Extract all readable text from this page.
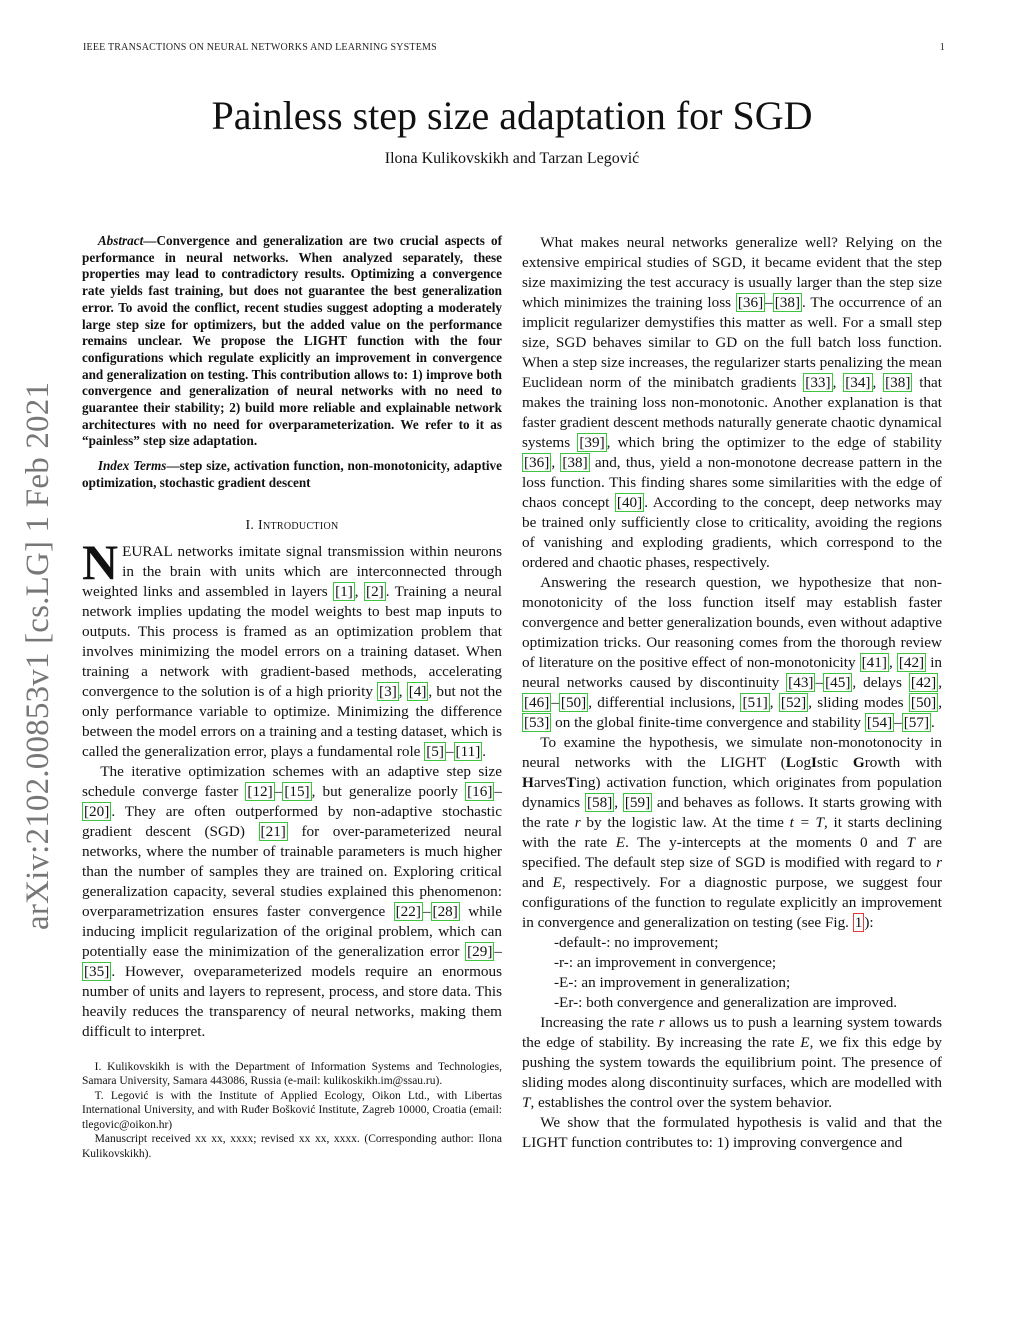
IEEE TRANSACTIONS ON NEURAL NETWORKS AND LEARNING SYSTEMS	1
Painless step size adaptation for SGD
Ilona Kulikovskikh and Tarzan Legović
arXiv:2102.00853v1 [cs.LG] 1 Feb 2021

Abstract—Convergence and generalization are two crucial aspects of performance in neural networks. When analyzed separately, these properties may lead to contradictory results. Optimizing a convergence rate yields fast training, but does not guarantee the best generalization error. To avoid the conflict, recent studies suggest adopting a moderately large step size for optimizers, but the added value on the performance remains unclear. We propose the LIGHT function with the four configurations which regulate explicitly an improvement in convergence and generalization on testing. This contribution allows to: 1) improve both convergence and generalization of neural networks with no need to guarantee their stability; 2) build more reliable and explainable network architectures with no need for overparameterization. We refer to it as “painless” step size adaptation.

Index Terms—step size, activation function, non-monotonicity, adaptive optimization, stochastic gradient descent

I. Introduction

NEURAL networks imitate signal transmission within neurons in the brain with units which are interconnected through weighted links and assembled in layers [1] , [2] . Training a neural network implies updating the model weights to best map inputs to outputs. This process is framed as an optimization problem that involves minimizing the model errors on a training dataset. When training a network with gradient-based methods, accelerating convergence to the solution is of a high priority [3] , [4] , but not the only performance variable to optimize. Minimizing the difference between the model errors on a training and a testing dataset, which is called the generalization error, plays a fundamental role [5] – [11] .

The iterative optimization schemes with an adaptive step size schedule converge faster [12] – [15] , but generalize poorly [16] –[20] . They are often outperformed by non-adaptive stochastic gradient descent (SGD) [21] for over-parameterized neural networks, where the number of trainable parameters is much higher than the number of samples they are trained on. Exploring critical generalization capacity, several studies explained this phenomenon: overparametrization ensures faster convergence [22] – [28] while inducing implicit regularization of the original problem, which can potentially ease the minimization of the generalization error [29] –[35] . However, oveparameterized models require an enormous number of units and layers to represent, process, and store data. This heavily reduces the transparency of neural networks, making them difficult to interpret.

I. Kulikovskikh is with the Department of Information Systems and Technologies, Samara University, Samara 443086, Russia (e-mail: kulikoskikh.im@ssau.ru).

T. Legović is with the Institute of Applied Ecology, Oikon Ltd., with Libertas International University, and with Ruđer Bošković Institute, Zagreb 10000, Croatia (email: tlegovic@oikon.hr)

Manuscript received xx xx, xxxx; revised xx xx, xxxx. (Corresponding author: Ilona Kulikovskikh).

What makes neural networks generalize well? Relying on the extensive empirical studies of SGD, it became evident that the step size maximizing the test accuracy is usually larger than the step size which minimizes the training loss [36] – [38] . The occurrence of an implicit regularizer demystifies this matter as well. For a small step size, SGD behaves similar to GD on the full batch loss function. When a step size increases, the regularizer starts penalizing the mean Euclidean norm of the minibatch gradients [33] , [34] , [38] that makes the training loss non-monotonic. Another explanation is that faster gradient descent methods naturally generate chaotic dynamical systems [39] , which bring the optimizer to the edge of stability [36] , [38] and, thus, yield a non-monotone decrease pattern in the loss function. This finding shares some similarities with the edge of chaos concept [40] . According to the concept, deep networks may be trained only sufficiently close to criticality, avoiding the regions of vanishing and exploding gradients, which correspond to the ordered and chaotic phases, respectively.

Answering the research question, we hypothesize that non-monotonicity of the loss function itself may establish faster convergence and better generalization bounds, even without adaptive optimization tricks. Our reasoning comes from the thorough review of literature on the positive effect of non-monotonicity [41] , [42] in neural networks caused by discontinuity [43] – [45] , delays [42] , [46] – [50] , differential inclusions, [51] , [52] , sliding modes [50] , [53] on the global finite-time convergence and stability [54] – [57] .

To examine the hypothesis, we simulate non-monotonocity in neural networks with the LIGHT (LogIstic Growth with HarvesTing) activation function, which originates from population dynamics [58] , [59] and behaves as follows. It starts growing with the rate r by the logistic law. At the time t = T, it starts declining with the rate E. The y-intercepts at the moments 0 and T are specified. The default step size of SGD is modified with regard to r and E, respectively. For a diagnostic purpose, we suggest four configurations of the function to regulate explicitly an improvement in convergence and generalization on testing (see Fig. 1 ):

-default-: no improvement;
-r-: an improvement in convergence;
-E-: an improvement in generalization;
-Er-: both convergence and generalization are improved.

Increasing the rate r allows us to push a learning system towards the edge of stability. By increasing the rate E, we fix this edge by pushing the system towards the equilibrium point. The presence of sliding modes along discontinuity surfaces, which are modelled with T, establishes the control over the system behavior.

We show that the formulated hypothesis is valid and that the LIGHT function contributes to: 1) improving convergence and
